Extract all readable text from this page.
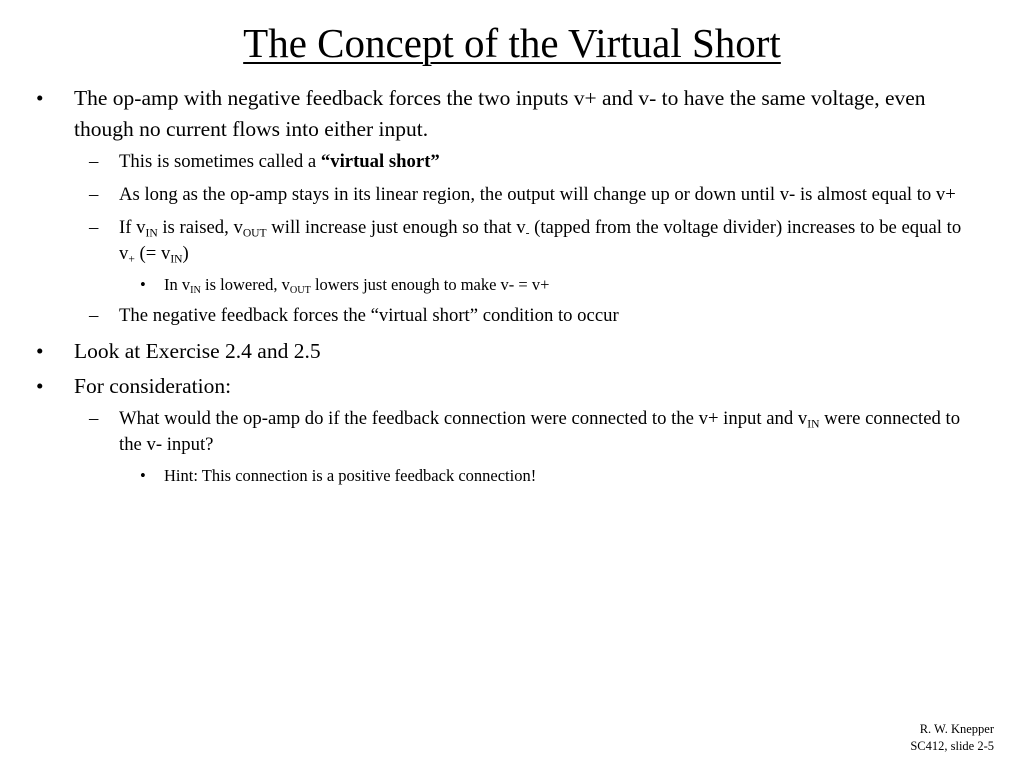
The Concept of the Virtual Short
• The op-amp with negative feedback forces the two inputs v+ and v- to have the same voltage, even though no current flows into either input.
– This is sometimes called a “virtual short”
– As long as the op-amp stays in its linear region, the output will change up or down until v- is almost equal to v+
– If $v_{IN}$ is raised, $v_{OUT}$ will increase just enough so that $v_-$ (tapped from the voltage divider) increases to be equal to $v_+$ (= $v_{IN}$)
• In $v_{IN}$ is lowered, $v_{OUT}$ lowers just enough to make v- = v+
– The negative feedback forces the “virtual short” condition to occur
• Look at Exercise 2.4 and 2.5
• For consideration:
– What would the op-amp do if the feedback connection were connected to the v+ input and $v_{IN}$ were connected to the v- input?
• Hint: This connection is a positive feedback connection!
R. W. Knepper
SC412, slide 2-5
